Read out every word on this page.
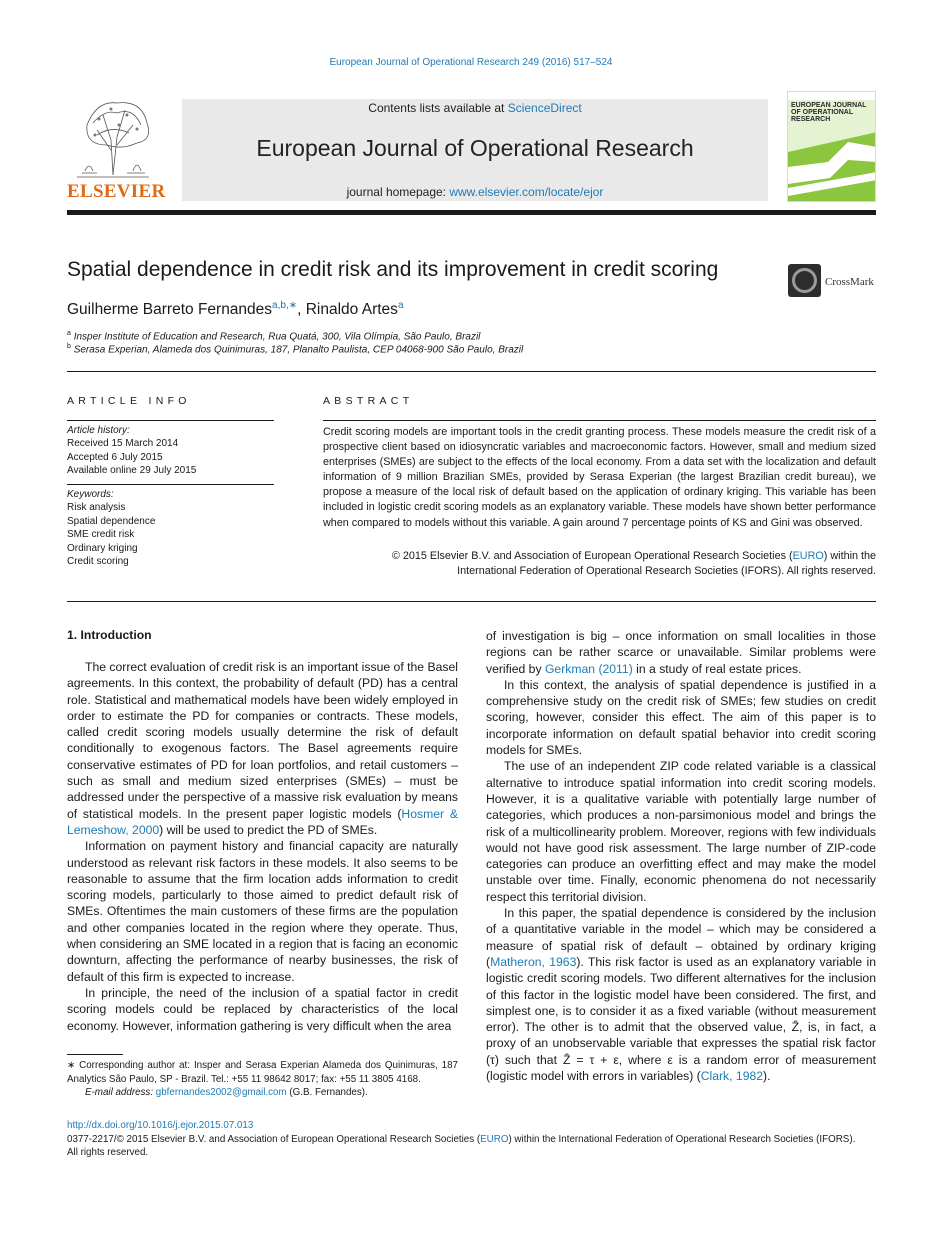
European Journal of Operational Research 249 (2016) 517–524
ELSEVIER
Contents lists available at ScienceDirect
European Journal of Operational Research
journal homepage: www.elsevier.com/locate/ejor
EUROPEAN JOURNAL OF OPERATIONAL RESEARCH
Spatial dependence in credit risk and its improvement in credit scoring
CrossMark
Guilherme Barreto Fernandes$^{a,b,∗}$, Rinaldo Artes$^a$
$^a$ Insper Institute of Education and Research, Rua Quatá, 300, Vila Olímpia, São Paulo, Brazil
$^b$ Serasa Experian, Alameda dos Quinimuras, 187, Planalto Paulista, CEP 04068-900 São Paulo, Brazil
ARTICLE INFO
Article history:
Received 15 March 2014
Accepted 6 July 2015
Available online 29 July 2015
Keywords:
Risk analysis
Spatial dependence
SME credit risk
Ordinary kriging
Credit scoring
ABSTRACT
Credit scoring models are important tools in the credit granting process. These models measure the credit risk of a prospective client based on idiosyncratic variables and macroeconomic factors. However, small and medium sized enterprises (SMEs) are subject to the effects of the local economy. From a data set with the localization and default information of 9 million Brazilian SMEs, provided by Serasa Experian (the largest Brazilian credit bureau), we propose a measure of the local risk of default based on the application of ordinary kriging. This variable has been included in logistic credit scoring models as an explanatory variable. These models have shown better performance when compared to models without this variable. A gain around 7 percentage points of KS and Gini was observed.
© 2015 Elsevier B.V. and Association of European Operational Research Societies (EURO) within the
International Federation of Operational Research Societies (IFORS). All rights reserved.
1. Introduction

The correct evaluation of credit risk is an important issue of the Basel agreements. In this context, the probability of default (PD) has a central role. Statistical and mathematical models have been widely employed in order to estimate the PD for companies or contracts. These models, called credit scoring models usually determine the risk of default conditionally to exogenous factors. The Basel agreements require conservative estimates of PD for loan portfolios, and retail customers – such as small and medium sized enterprises (SMEs) – must be addressed under the perspective of a massive risk evaluation by means of statistical models. In the present paper logistic models (Hosmer & Lemeshow, 2000) will be used to predict the PD of SMEs.

Information on payment history and financial capacity are naturally understood as relevant risk factors in these models. It also seems to be reasonable to assume that the firm location adds information to credit scoring models, particularly to those aimed to predict default risk of SMEs. Oftentimes the main customers of these firms are the population and other companies located in the region where they operate. Thus, when considering an SME located in a region that is facing an economic downturn, affecting the performance of nearby businesses, the risk of default of this firm is expected to increase.

In principle, the need of the inclusion of a spatial factor in credit scoring models could be replaced by characteristics of the local economy. However, information gathering is very difficult when the area

of investigation is big – once information on small localities in those regions can be rather scarce or unavailable. Similar problems were verified by Gerkman (2011) in a study of real estate prices.

In this context, the analysis of spatial dependence is justified in a comprehensive study on the credit risk of SMEs; few studies on credit scoring, however, consider this effect. The aim of this paper is to incorporate information on default spatial behavior into credit scoring models for SMEs.

The use of an independent ZIP code related variable is a classical alternative to introduce spatial information into credit scoring models. However, it is a qualitative variable with potentially large number of categories, which produces a non-parsimonious model and brings the risk of a multicollinearity problem. Moreover, regions with few individuals would not have good risk assessment. The large number of ZIP-code categories can produce an overfitting effect and may make the model unstable over time. Finally, economic phenomena do not necessarily respect this territorial division.

In this paper, the spatial dependence is considered by the inclusion of a quantitative variable in the model – which may be considered a measure of spatial risk of default – obtained by ordinary kriging (Matheron, 1963). This risk factor is used as an explanatory variable in logistic credit scoring models. Two different alternatives for the inclusion of this factor in the logistic model have been considered. The first, and simplest one, is to consider it as a fixed variable (without measurement error). The other is to admit that the observed value, Ẑ, is, in fact, a proxy of an unobservable variable that expresses the spatial risk factor (τ) such that Ẑ = τ + ε, where ε is a random error of measurement (logistic model with errors in variables) (Clark, 1982).

∗ Corresponding author at: Insper and Serasa Experian Alameda dos Quinimuras, 187 Analytics São Paulo, SP - Brazil. Tel.: +55 11 98642 8017; fax: +55 11 3805 4168.
E-mail address: gbfernandes2002@gmail.com (G.B. Fernandes).
http://dx.doi.org/10.1016/j.ejor.2015.07.013
0377-2217/© 2015 Elsevier B.V. and Association of European Operational Research Societies (EURO) within the International Federation of Operational Research Societies (IFORS).
All rights reserved.
